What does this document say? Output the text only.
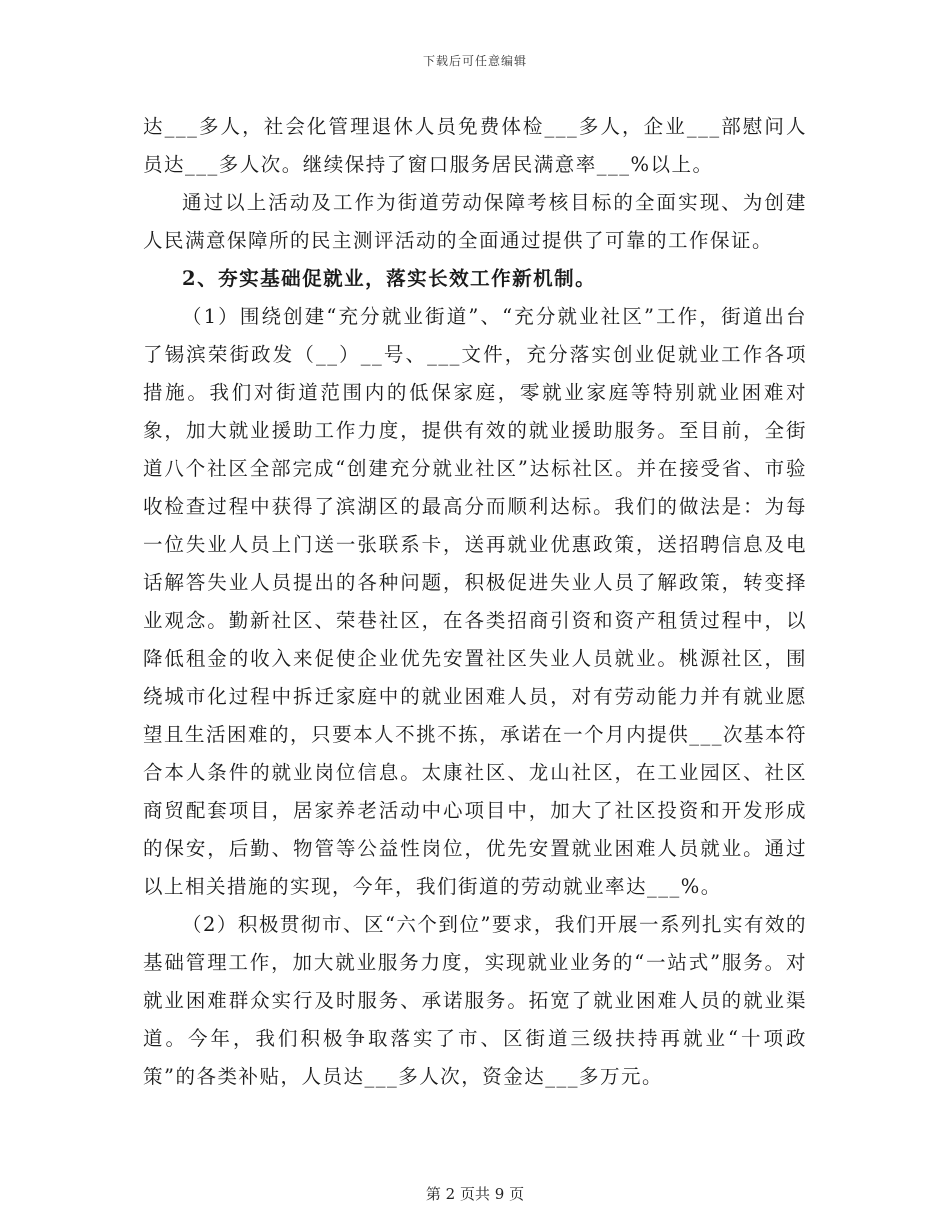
下载后可任意编辑

达___多人，社会化管理退休人员免费体检___多人，企业___部慰问人员达___多人次。继续保持了窗口服务居民满意率___%以上。

通过以上活动及工作为街道劳动保障考核目标的全面实现、为创建人民满意保障所的民主测评活动的全面通过提供了可靠的工作保证。

2、夯实基础促就业，落实长效工作新机制。

（1）围绕创建“充分就业街道”、“充分就业社区”工作，街道出台了锡滨荣街政发（__）__号、___文件，充分落实创业促就业工作各项措施。我们对街道范围内的低保家庭，零就业家庭等特别就业困难对象，加大就业援助工作力度，提供有效的就业援助服务。至目前，全街道八个社区全部完成“创建充分就业社区”达标社区。并在接受省、市验收检查过程中获得了滨湖区的最高分而顺利达标。我们的做法是：为每一位失业人员上门送一张联系卡，送再就业优惠政策，送招聘信息及电话解答失业人员提出的各种问题，积极促进失业人员了解政策，转变择业观念。勤新社区、荣巷社区，在各类招商引资和资产租赁过程中，以降低租金的收入来促使企业优先安置社区失业人员就业。桃源社区，围绕城市化过程中拆迁家庭中的就业困难人员，对有劳动能力并有就业愿望且生活困难的，只要本人不挑不拣，承诺在一个月内提供___次基本符合本人条件的就业岗位信息。太康社区、龙山社区，在工业园区、社区商贸配套项目，居家养老活动中心项目中，加大了社区投资和开发形成的保安，后勤、物管等公益性岗位，优先安置就业困难人员就业。通过以上相关措施的实现，今年，我们街道的劳动就业率达___%。

（2）积极贯彻市、区“六个到位”要求，我们开展一系列扎实有效的基础管理工作，加大就业服务力度，实现就业业务的“一站式”服务。对就业困难群众实行及时服务、承诺服务。拓宽了就业困难人员的就业渠道。今年，我们积极争取落实了市、区街道三级扶持再就业“十项政策”的各类补贴，人员达___多人次，资金达___多万元。

第 2 页共 9 页
